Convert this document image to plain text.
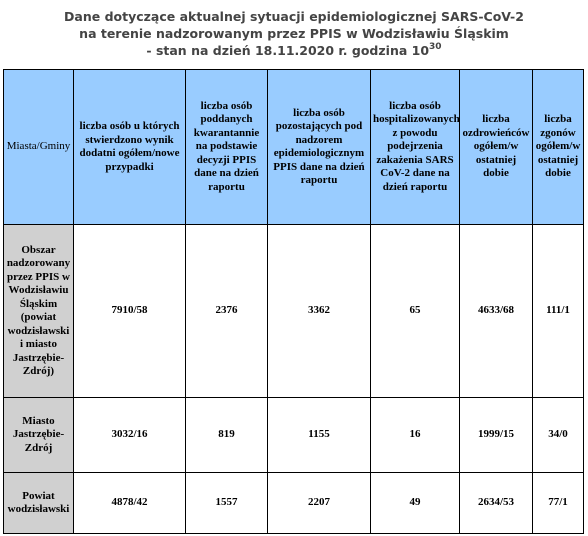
Dane dotyczące aktualnej sytuacji epidemiologicznej SARS-CoV-2
na terenie nadzorowanym przez PPIS w Wodzisławiu Śląskim
- stan na dzień 18.11.2020 r. godzina $10^{30}$
Miasta/Gminy	liczba osób u których stwierdzono wynik dodatni ogółem/nowe przypadki	liczba osób poddanych kwarantannie na podstawie decyzji PPIS dane na dzień raportu	liczba osób pozostających pod nadzorem epidemiologicznym PPIS dane na dzień raportu	liczba osób hospitalizowanych z powodu podejrzenia zakażenia SARS CoV-2 dane na dzień raportu	liczba ozdrowieńców ogółem/w ostatniej dobie	liczba zgonów ogółem/w ostatniej dobie
Obszar nadzorowany przez PPIS w Wodzisławiu Śląskim (powiat wodzisławski i miasto Jastrzębie-Zdrój)	7910/58	2376	3362	65	4633/68	111/1
Miasto Jastrzębie-Zdrój	3032/16	819	1155	16	1999/15	34/0
Powiat wodzisławski	4878/42	1557	2207	49	2634/53	77/1
